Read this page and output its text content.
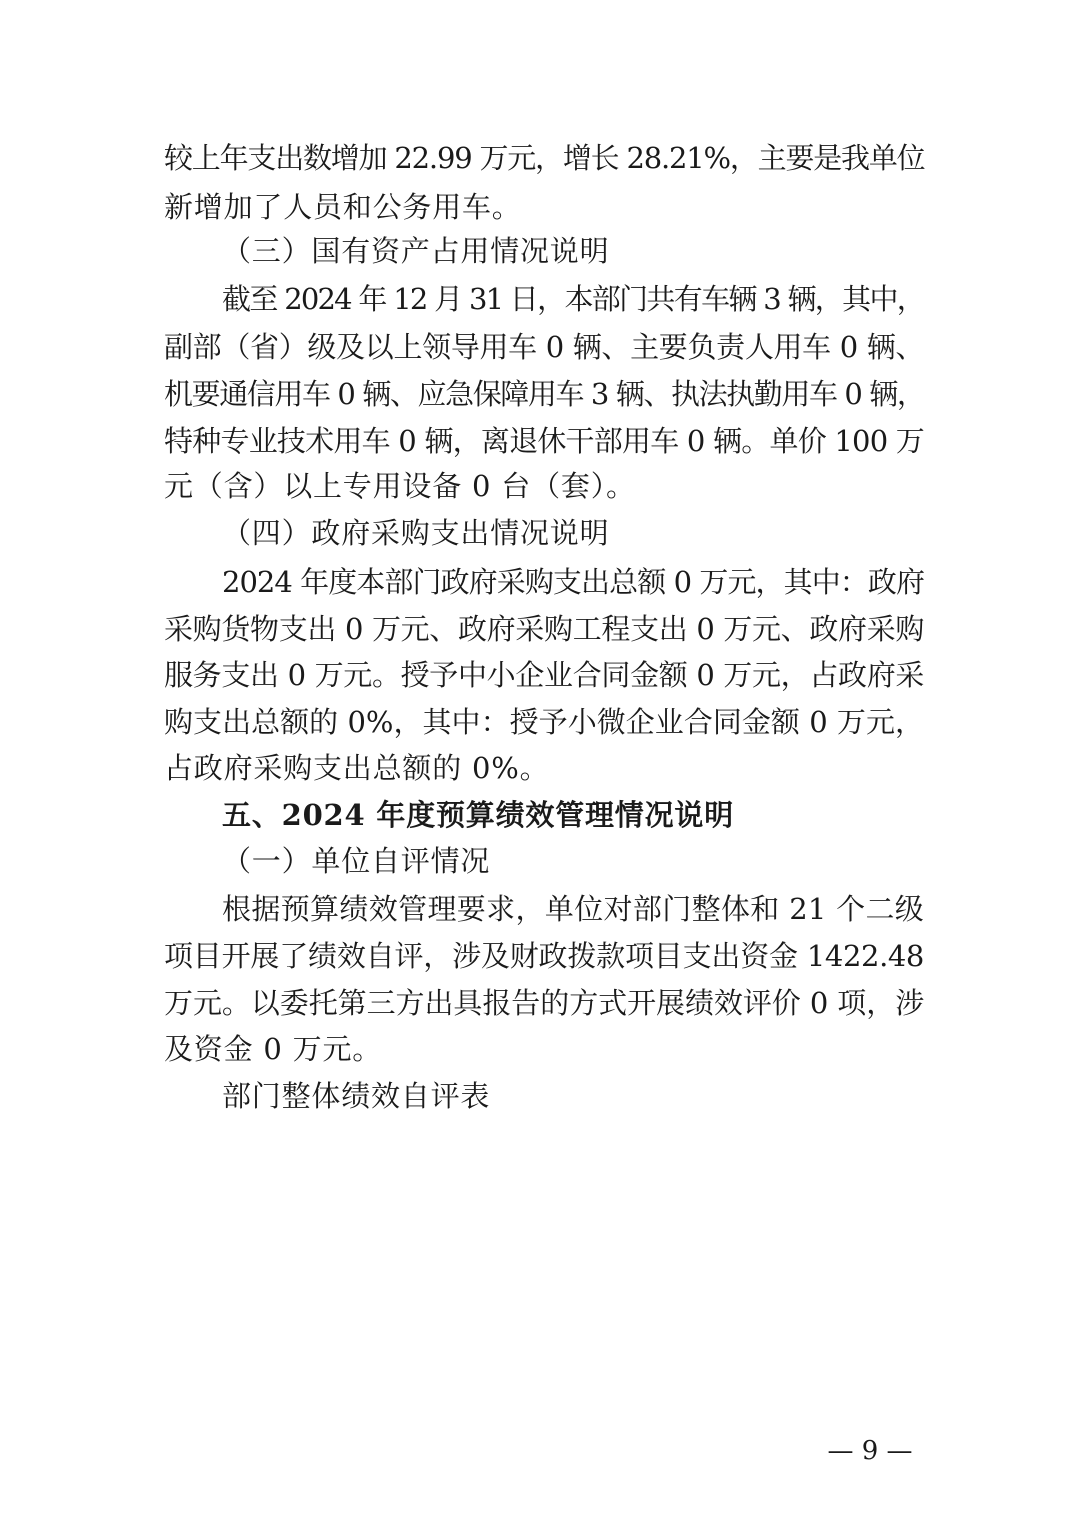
较上年支出数增加 22.99 万元，增长 28.21%，主要是我单位
新增加了人员和公务用车。
（三）国有资产占用情况说明
截至 2024 年 12 月 31 日，本部门共有车辆 3 辆，其中，
副部（省）级及以上领导用车 0 辆、主要负责人用车 0 辆、
机要通信用车 0 辆、应急保障用车 3 辆、执法执勤用车 0 辆，
特种专业技术用车 0 辆，离退休干部用车 0 辆。单价 100 万
元（含）以上专用设备 0 台（套）。
（四）政府采购支出情况说明
2024 年度本部门政府采购支出总额 0 万元，其中：政府
采购货物支出 0 万元、政府采购工程支出 0 万元、政府采购
服务支出 0 万元。授予中小企业合同金额 0 万元，占政府采
购支出总额的 0%，其中：授予小微企业合同金额 0 万元，
占政府采购支出总额的 0%。
五、2024 年度预算绩效管理情况说明
（一）单位自评情况
根据预算绩效管理要求，单位对部门整体和 21 个二级
项目开展了绩效自评，涉及财政拨款项目支出资金 1422.48
万元。以委托第三方出具报告的方式开展绩效评价 0 项，涉
及资金 0 万元。
部门整体绩效自评表
— 9 —
